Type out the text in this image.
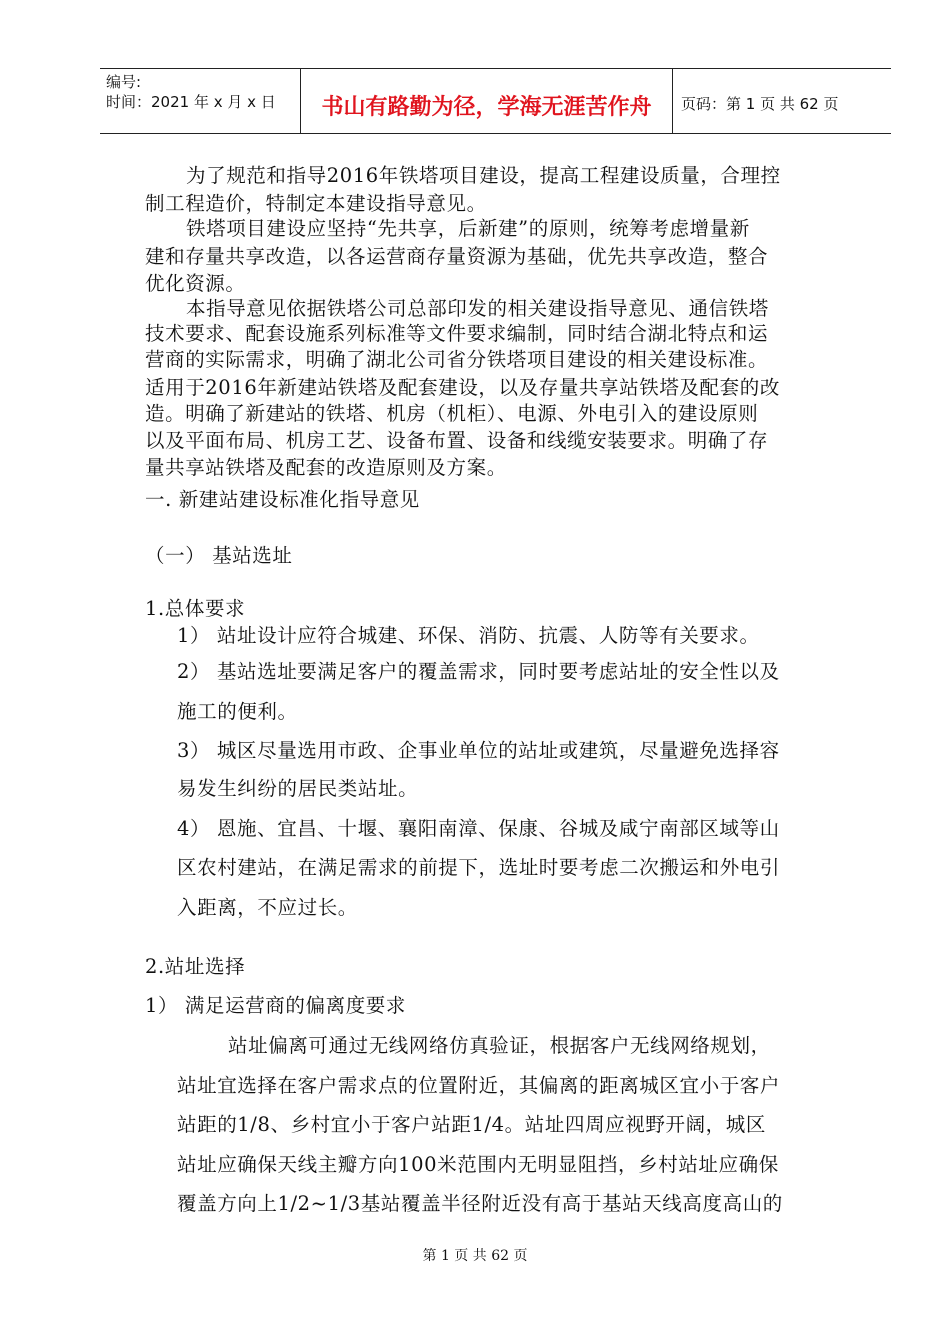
编号:
时间：2021 年 x 月 x 日	书山有路勤为径，学海无涯苦作舟	页码：第 1 页 共 62 页
为了规范和指导2016年铁塔项目建设，提高工程建设质量，合理控
制工程造价，特制定本建设指导意见。
铁塔项目建设应坚持“先共享，后新建”的原则，统筹考虑增量新
建和存量共享改造，以各运营商存量资源为基础，优先共享改造，整合
优化资源。
本指导意见依据铁塔公司总部印发的相关建设指导意见、通信铁塔
技术要求、配套设施系列标准等文件要求编制，同时结合湖北特点和运
营商的实际需求，明确了湖北公司省分铁塔项目建设的相关建设标准。
适用于2016年新建站铁塔及配套建设，以及存量共享站铁塔及配套的改
造。明确了新建站的铁塔、机房（机柜）、电源、外电引入的建设原则
以及平面布局、机房工艺、设备布置、设备和线缆安装要求。明确了存
量共享站铁塔及配套的改造原则及方案。
一. 新建站建设标准化指导意见
（一） 基站选址
1.总体要求
1） 站址设计应符合城建、环保、消防、抗震、人防等有关要求。
2） 基站选址要满足客户的覆盖需求，同时要考虑站址的安全性以及
施工的便利。
3） 城区尽量选用市政、企事业单位的站址或建筑，尽量避免选择容
易发生纠纷的居民类站址。
4） 恩施、宜昌、十堰、襄阳南漳、保康、谷城及咸宁南部区域等山
区农村建站，在满足需求的前提下，选址时要考虑二次搬运和外电引
入距离，不应过长。
2.站址选择
1） 满足运营商的偏离度要求
站址偏离可通过无线网络仿真验证，根据客户无线网络规划，
站址宜选择在客户需求点的位置附近，其偏离的距离城区宜小于客户
站距的1/8、乡村宜小于客户站距1/4。站址四周应视野开阔，城区
站址应确保天线主瓣方向100米范围内无明显阻挡，乡村站址应确保
覆盖方向上1/2~1/3基站覆盖半径附近没有高于基站天线高度高山的
第 1 页 共 62 页
